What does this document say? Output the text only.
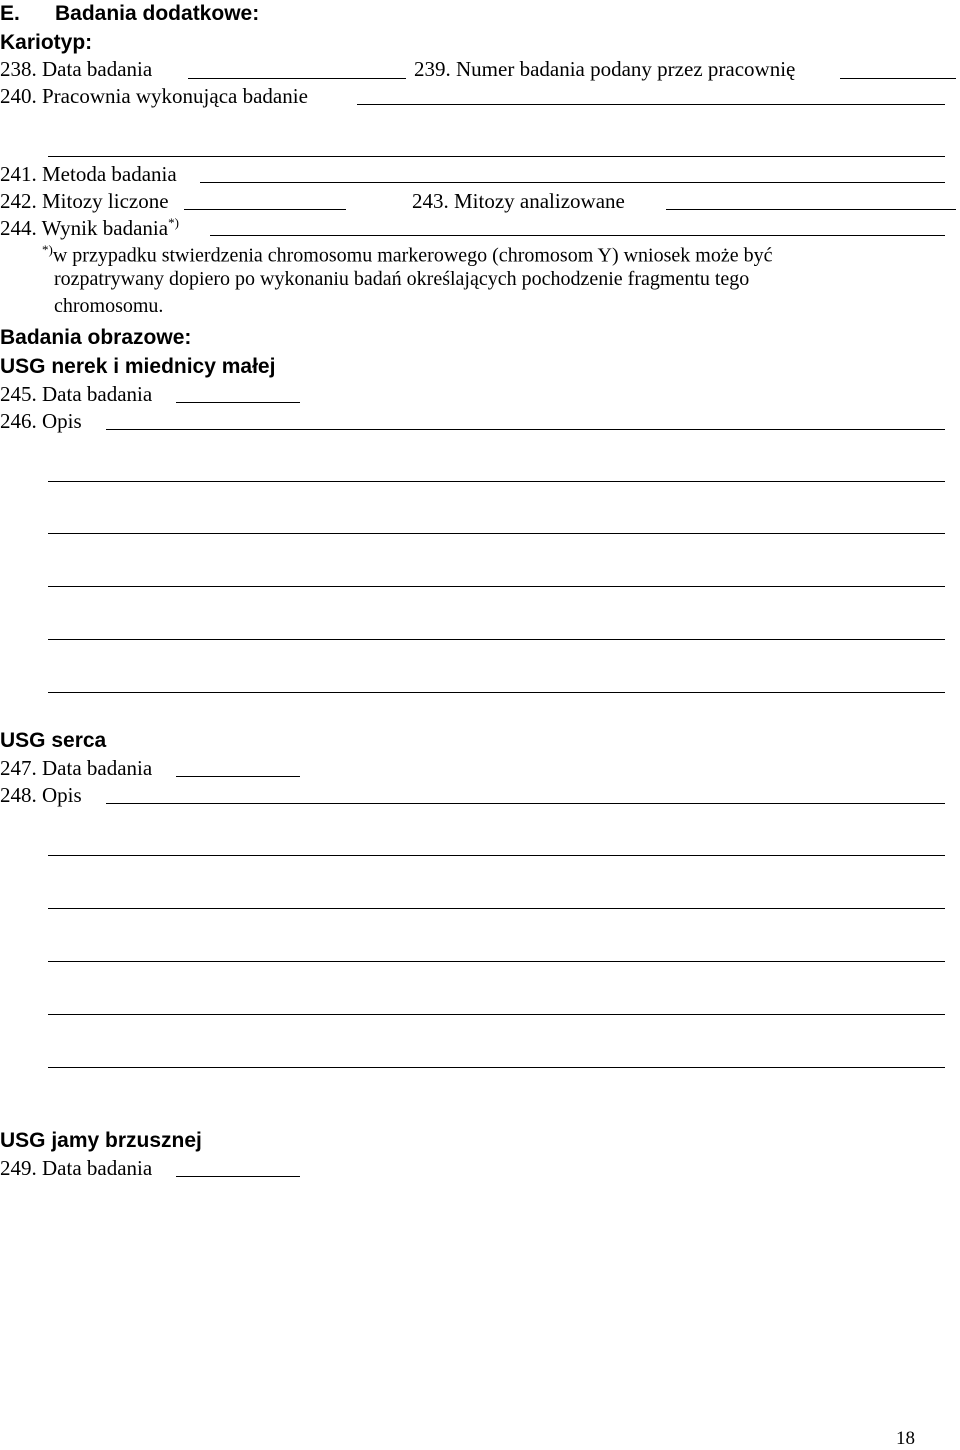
E. Badania dodatkowe:
Kariotyp:
238. Data badania	239. Numer badania podany przez pracownię
240. Pracownia wykonująca badanie
241. Metoda badania
242. Mitozy liczone	243. Mitozy analizowane
244. Wynik badania*)
*)w przypadku stwierdzenia chromosomu markerowego (chromosom Y) wniosek może być
rozpatrywany dopiero po wykonaniu badań określających pochodzenie fragmentu tego
chromosomu.
Badania obrazowe:
USG nerek i miednicy małej
245. Data badania
246. Opis
USG serca
247. Data badania
248. Opis
USG jamy brzusznej
249. Data badania
18
